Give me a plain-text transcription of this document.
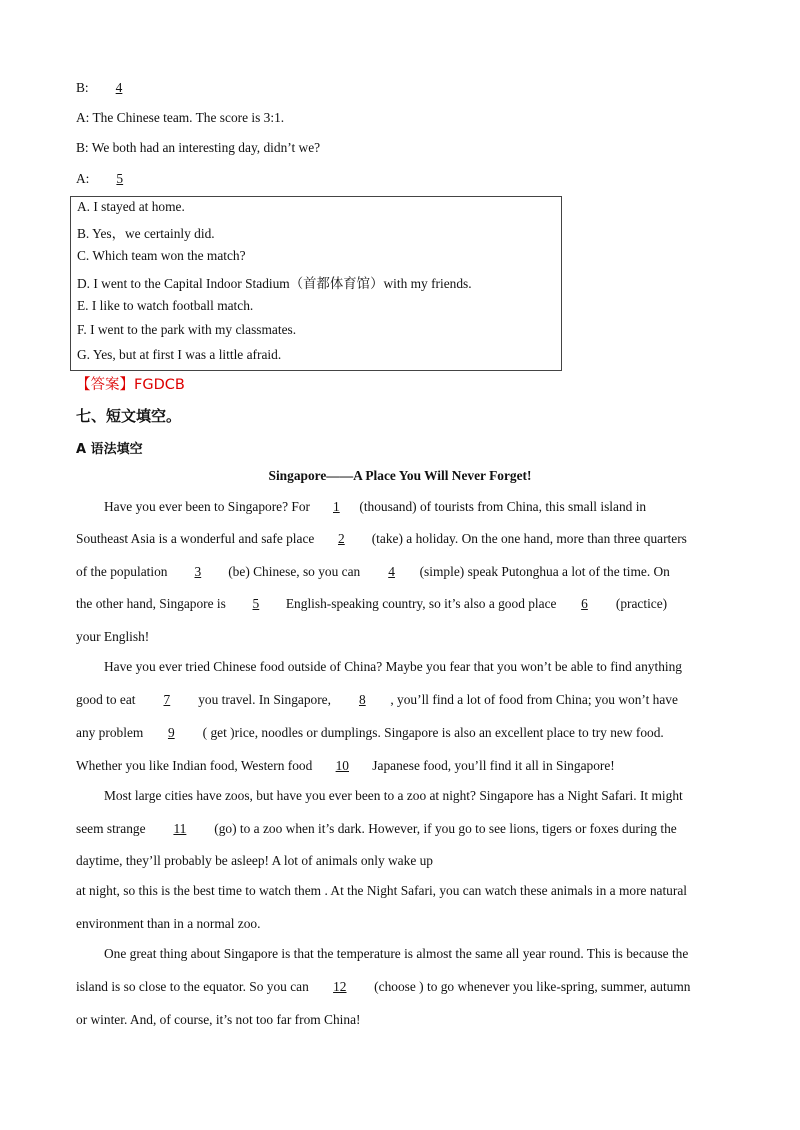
B: 4
A: The Chinese team. The score is 3:1.
B: We both had an interesting day, didn’t we?
A: 5
A. I stayed at home.
B. Yes，we certainly did.
C. Which team won the match?
D. I went to the Capital Indoor Stadium（首都体育馆）with my friends.
E. I like to watch football match.
F. I went to the park with my classmates.
G. Yes, but at first I was a little afraid.
【答案】FGDCB
七、短文填空。
A 语法填空
Singapore——A Place You Will Never Forget!
Have you ever been to Singapore? For 1 (thousand) of tourists from China, this small island in
Southeast Asia is a wonderful and safe place 2 (take) a holiday. On the one hand, more than three quarters
of the population 3 (be) Chinese, so you can 4 (simple) speak Putonghua a lot of the time. On
the other hand, Singapore is 5 English-speaking country, so it’s also a good place 6 (practice)
your English!
Have you ever tried Chinese food outside of China? Maybe you fear that you won’t be able to find anything
good to eat 7 you travel. In Singapore, 8 , you’ll find a lot of food from China; you won’t have
any problem 9 ( get )rice, noodles or dumplings. Singapore is also an excellent place to try new food.
Whether you like Indian food, Western food 10 Japanese food, you’ll find it all in Singapore!
Most large cities have zoos, but have you ever been to a zoo at night? Singapore has a Night Safari. It might
seem strange 11 (go) to a zoo when it’s dark. However, if you go to see lions, tigers or foxes during the
daytime, they’ll probably be asleep! A lot of animals only wake up
at night, so this is the best time to watch them . At the Night Safari, you can watch these animals in a more natural
environment than in a normal zoo.
One great thing about Singapore is that the temperature is almost the same all year round. This is because the
island is so close to the equator. So you can 12 (choose ) to go whenever you like-spring, summer, autumn
or winter. And, of course, it’s not too far from China!
